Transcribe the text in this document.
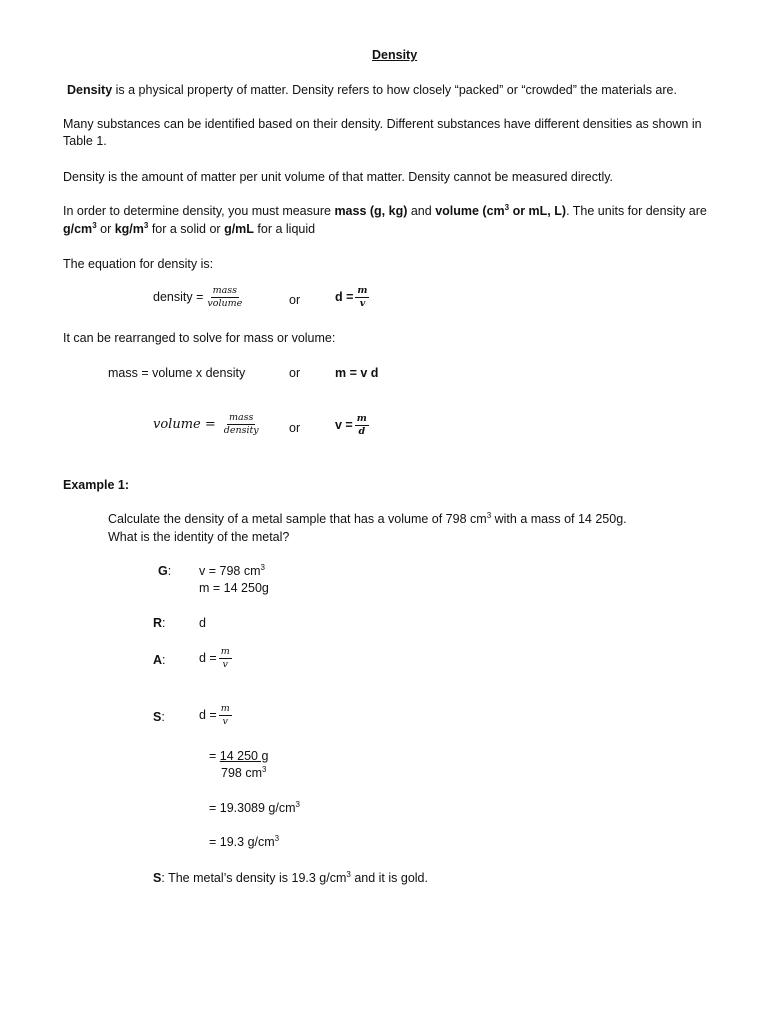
Density
Density is a physical property of matter. Density refers to how closely “packed” or “crowded” the materials are.
Many substances can be identified based on their density. Different substances have different densities as shown in
Table 1.
Density is the amount of matter per unit volume of that matter. Density cannot be measured directly.
In order to determine density, you must measure mass (g, kg) and volume ($cm^3$ or mL, L). The units for density are
$g/cm^3$ or $kg/m^3$ for a solid or g/mL for a liquid
The equation for density is:
density = $\frac{\text{mass}}{\text{volume}}$	or	$d = \frac{m}{v}$
It can be rearranged to solve for mass or volume:
mass = volume x density	or	m = v d
volume = $\frac{\text{mass}}{\text{density}}$ or	$v = \frac{m}{d}$
Example 1:
Calculate the density of a metal sample that has a volume of 798 $cm^3$ with a mass of 14 250g.
What is the identity of the metal?
G: v = 798 $cm^3$
m = 14 250g
R:	d
A:	$d = \frac{m}{v}$
S:	$d = \frac{m}{v}$
= 14 250 g
798 $cm^3$
= 19.3089 $g/cm^3$
= 19.3 $g/cm^3$
S: The metal’s density is 19.3 $g/cm^3$ and it is gold.
